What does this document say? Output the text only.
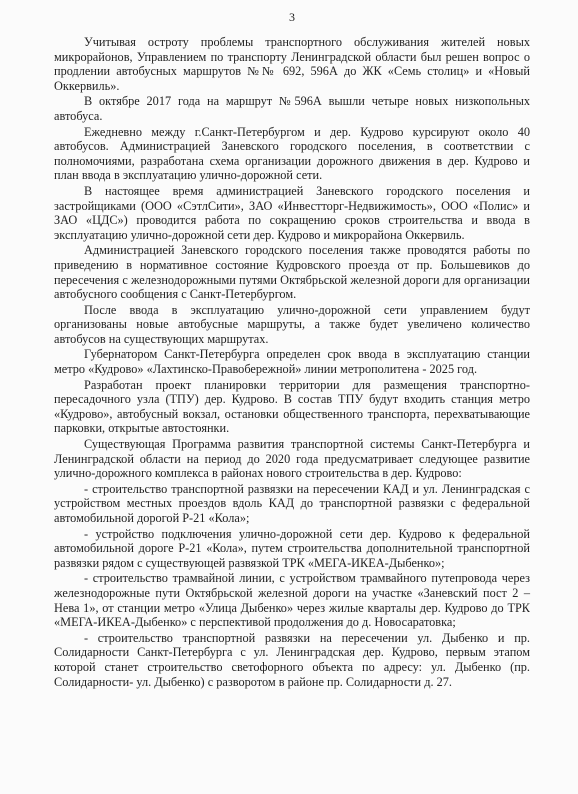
3

Учитывая остроту проблемы транспортного обслуживания жителей новых микрорайонов, Управлением по транспорту Ленинградской области был решен вопрос о продлении автобусных маршрутов №№ 692, 596А до ЖК «Семь столиц» и «Новый Оккервиль».

В октябре 2017 года на маршрут №596А вышли четыре новых низкопольных автобуса.

Ежедневно между г.Санкт-Петербургом и дер. Кудрово курсируют около 40 автобусов. Администрацией Заневского городского поселения, в соответствии с полномочиями, разработана схема организации дорожного движения в дер. Кудрово и план ввода в эксплуатацию улично-дорожной сети.

В настоящее время администрацией Заневского городского поселения и застройщиками (ООО «СэтлСити», ЗАО «Инвестторг-Недвижимость», ООО «Полис» и ЗАО «ЦДС») проводится работа по сокращению сроков строительства и ввода в эксплуатацию улично-дорожной сети дер. Кудрово и микрорайона Оккервиль.

Администрацией Заневского городского поселения также проводятся работы по приведению в нормативное состояние Кудровского проезда от пр. Большевиков до пересечения с железнодорожными путями Октябрьской железной дороги для организации автобусного сообщения с Санкт-Петербургом.

После ввода в эксплуатацию улично-дорожной сети управлением будут организованы новые автобусные маршруты, а также будет увеличено количество автобусов на существующих маршрутах.

Губернатором Санкт-Петербурга определен срок ввода в эксплуатацию станции метро «Кудрово» «Лахтинско-Правобережной» линии метрополитена - 2025 год.

Разработан проект планировки территории для размещения транспортно-пересадочного узла (ТПУ) дер. Кудрово. В состав ТПУ будут входить станция метро «Кудрово», автобусный вокзал, остановки общественного транспорта, перехватывающие парковки, открытые автостоянки.

Существующая Программа развития транспортной системы Санкт-Петербурга и Ленинградской области на период до 2020 года предусматривает следующее развитие улично-дорожного комплекса в районах нового строительства в дер. Кудрово:

- строительство транспортной развязки на пересечении КАД и ул. Ленинградская с устройством местных проездов вдоль КАД до транспортной развязки с федеральной автомобильной дорогой Р-21 «Кола»;

- устройство подключения улично-дорожной сети дер. Кудрово к федеральной автомобильной дороге Р-21 «Кола», путем строительства дополнительной транспортной развязки рядом с существующей развязкой ТРК «МЕГА-ИКЕА-Дыбенко»;

- строительство трамвайной линии, с устройством трамвайного путепровода через железнодорожные пути Октябрьской железной дороги на участке «Заневский пост 2 – Нева 1», от станции метро «Улица Дыбенко» через жилые кварталы дер. Кудрово до ТРК «МЕГА-ИКЕА-Дыбенко» с перспективой продолжения до д. Новосаратовка;

- строительство транспортной развязки на пересечении ул. Дыбенко и пр. Солидарности Санкт-Петербурга с ул. Ленинградская дер. Кудрово, первым этапом которой станет строительство светофорного объекта по адресу: ул. Дыбенко (пр. Солидарности- ул. Дыбенко) с разворотом в районе пр. Солидарности д. 27.
